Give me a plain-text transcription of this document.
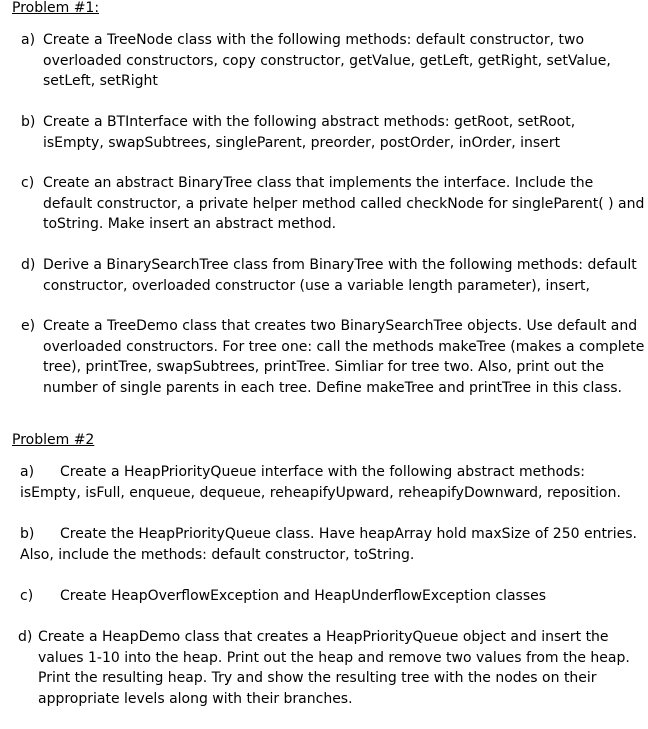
Problem #1:
a) Create a TreeNode class with the following methods: default constructor, two
overloaded constructors, copy constructor, getValue, getLeft, getRight, setValue,
setLeft, setRight
b) Create a BTInterface with the following abstract methods: getRoot, setRoot,
isEmpty, swapSubtrees, singleParent, preorder, postOrder, inOrder, insert
c) Create an abstract BinaryTree class that implements the interface. Include the
default constructor, a private helper method called checkNode for singleParent( ) and
toString. Make insert an abstract method.
d) Derive a BinarySearchTree class from BinaryTree with the following methods: default
constructor, overloaded constructor (use a variable length parameter), insert,
e) Create a TreeDemo class that creates two BinarySearchTree objects. Use default and
overloaded constructors. For tree one: call the methods makeTree (makes a complete
tree), printTree, swapSubtrees, printTree. Simliar for tree two. Also, print out the
number of single parents in each tree. Define makeTree and printTree in this class.
Problem #2
a) Create a HeapPriorityQueue interface with the following abstract methods:
isEmpty, isFull, enqueue, dequeue, reheapifyUpward, reheapifyDownward, reposition.
b) Create the HeapPriorityQueue class. Have heapArray hold maxSize of 250 entries.
Also, include the methods: default constructor, toString.
c) Create HeapOverflowException and HeapUnderflowException classes
d) Create a HeapDemo class that creates a HeapPriorityQueue object and insert the
values 1-10 into the heap. Print out the heap and remove two values from the heap.
Print the resulting heap. Try and show the resulting tree with the nodes on their
appropriate levels along with their branches.
